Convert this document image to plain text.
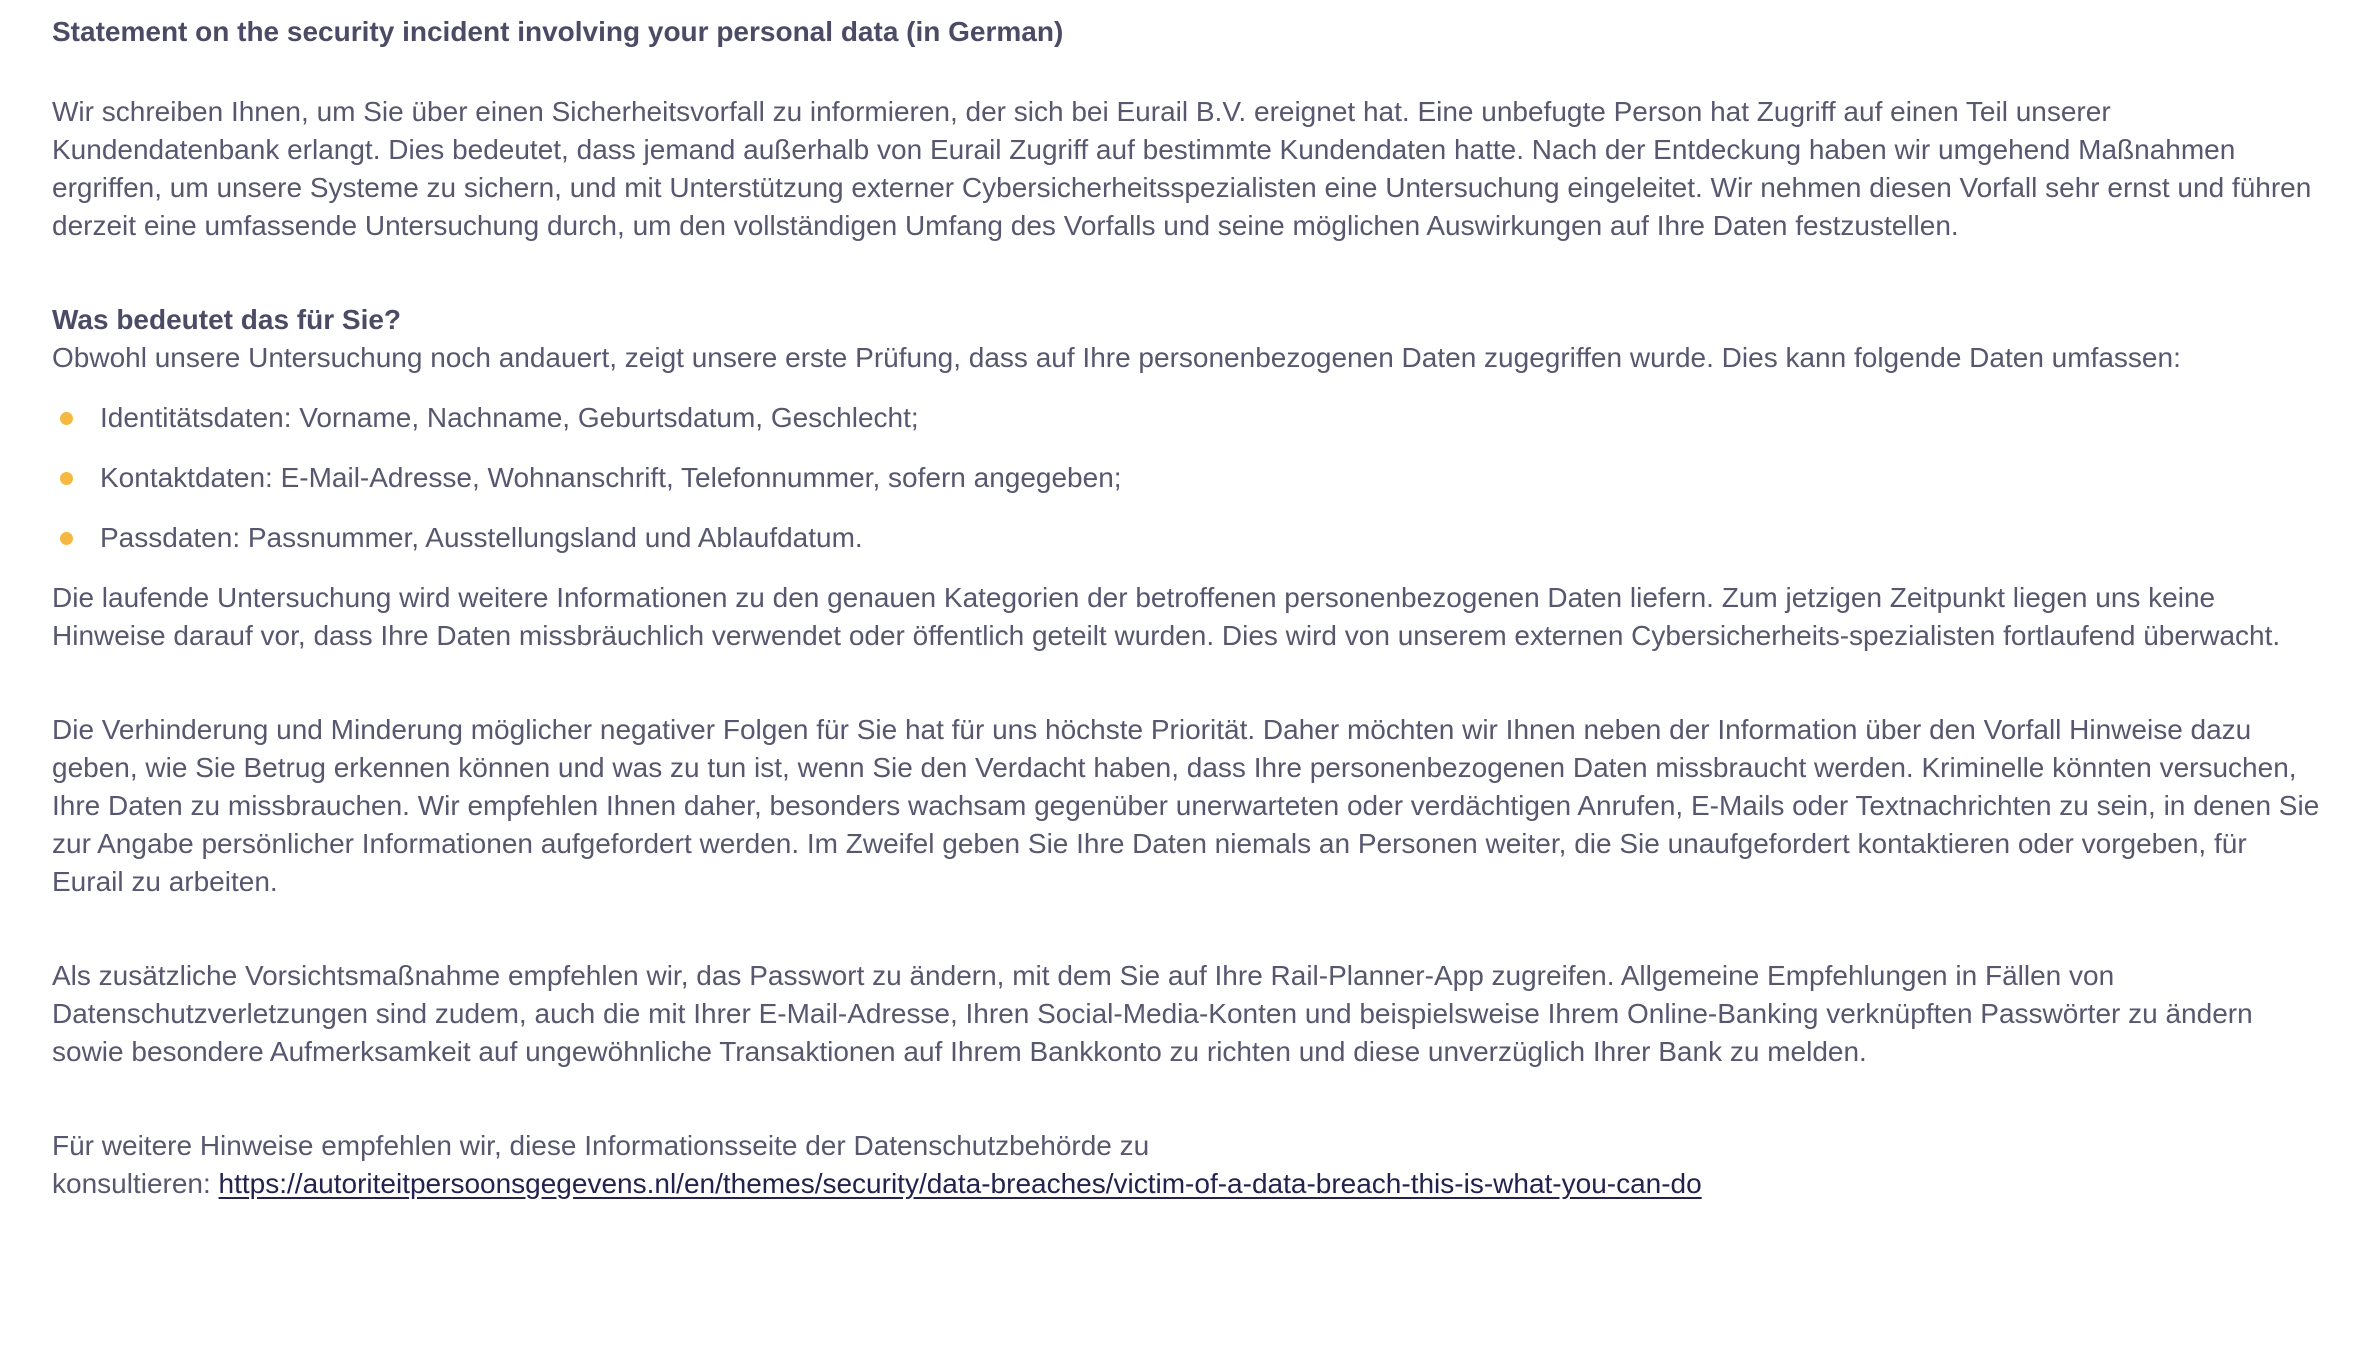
Statement on the security incident involving your personal data (in German)

Wir schreiben Ihnen, um Sie über einen Sicherheitsvorfall zu informieren, der sich bei Eurail B.V. ereignet hat. Eine unbefugte Person hat Zugriff auf einen Teil unserer Kundendatenbank erlangt. Dies bedeutet, dass jemand außerhalb von Eurail Zugriff auf bestimmte Kundendaten hatte. Nach der Entdeckung haben wir umgehend Maßnahmen ergriffen, um unsere Systeme zu sichern, und mit Unterstützung externer Cybersicherheitsspezialisten eine Untersuchung eingeleitet. Wir nehmen diesen Vorfall sehr ernst und führen derzeit eine umfassende Untersuchung durch, um den vollständigen Umfang des Vorfalls und seine möglichen Auswirkungen auf Ihre Daten festzustellen.

Was bedeutet das für Sie?

Obwohl unsere Untersuchung noch andauert, zeigt unsere erste Prüfung, dass auf Ihre personenbezogenen Daten zugegriffen wurde. Dies kann folgende Daten umfassen:

Identitätsdaten: Vorname, Nachname, Geburtsdatum, Geschlecht;
Kontaktdaten: E-Mail-Adresse, Wohnanschrift, Telefonnummer, sofern angegeben;
Passdaten: Passnummer, Ausstellungsland und Ablaufdatum.

Die laufende Untersuchung wird weitere Informationen zu den genauen Kategorien der betroffenen personenbezogenen Daten liefern. Zum jetzigen Zeitpunkt liegen uns keine Hinweise darauf vor, dass Ihre Daten missbräuchlich verwendet oder öffentlich geteilt wurden. Dies wird von unserem externen Cybersicherheits-spezialisten fortlaufend überwacht.

Die Verhinderung und Minderung möglicher negativer Folgen für Sie hat für uns höchste Priorität. Daher möchten wir Ihnen neben der Information über den Vorfall Hinweise dazu geben, wie Sie Betrug erkennen können und was zu tun ist, wenn Sie den Verdacht haben, dass Ihre personenbezogenen Daten missbraucht werden. Kriminelle könnten versuchen, Ihre Daten zu missbrauchen. Wir empfehlen Ihnen daher, besonders wachsam gegenüber unerwarteten oder verdächtigen Anrufen, E-Mails oder Textnachrichten zu sein, in denen Sie zur Angabe persönlicher Informationen aufgefordert werden. Im Zweifel geben Sie Ihre Daten niemals an Personen weiter, die Sie unaufgefordert kontaktieren oder vorgeben, für Eurail zu arbeiten.

Als zusätzliche Vorsichtsmaßnahme empfehlen wir, das Passwort zu ändern, mit dem Sie auf Ihre Rail-Planner-App zugreifen. Allgemeine Empfehlungen in Fällen von Datenschutzverletzungen sind zudem, auch die mit Ihrer E-Mail-Adresse, Ihren Social-Media-Konten und beispielsweise Ihrem Online-Banking verknüpften Passwörter zu ändern sowie besondere Aufmerksamkeit auf ungewöhnliche Transaktionen auf Ihrem Bankkonto zu richten und diese unverzüglich Ihrer Bank zu melden.

Für weitere Hinweise empfehlen wir, diese Informationsseite der Datenschutzbehörde zu
konsultieren: https://autoriteitpersoonsgegevens.nl/en/themes/security/data-breaches/victim-of-a-data-breach-this-is-what-you-can-do
